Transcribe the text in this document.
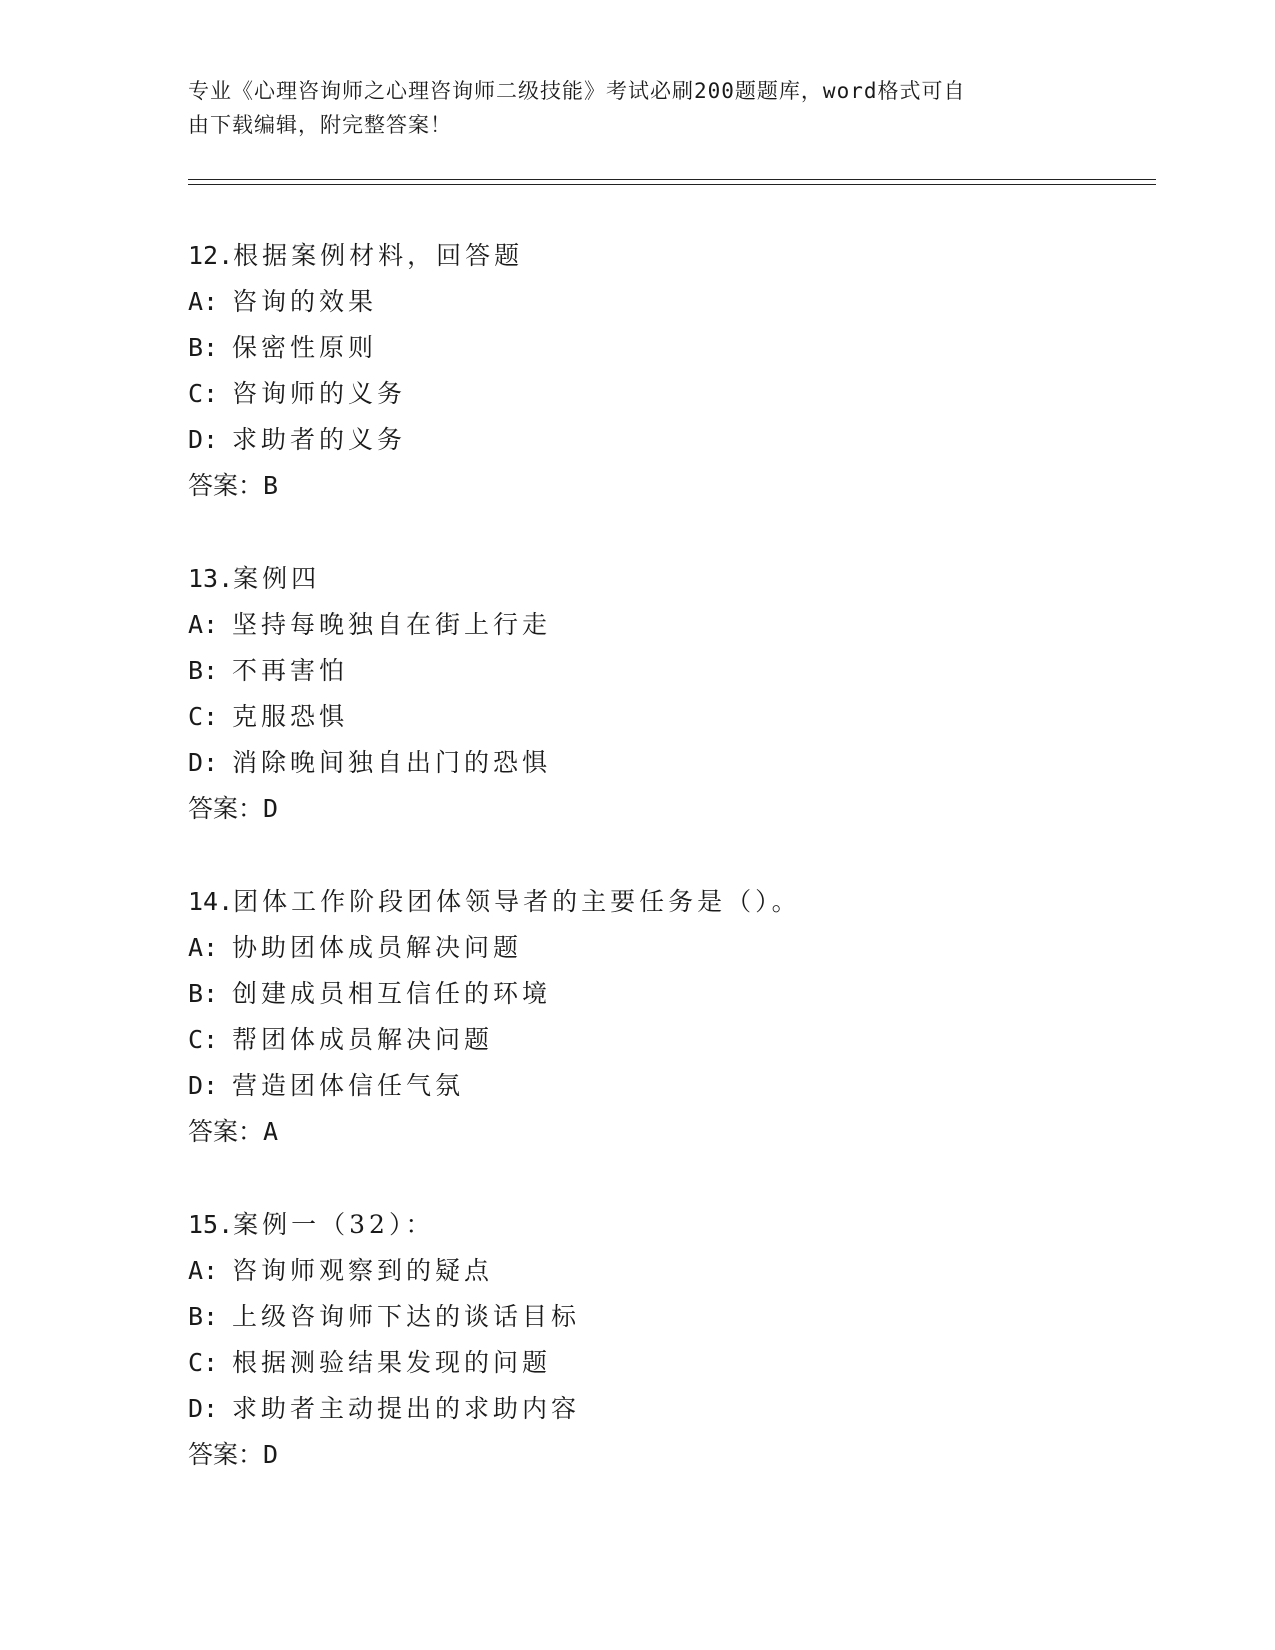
专业《心理咨询师之心理咨询师二级技能》考试必刷200题题库，word格式可自
由下载编辑，附完整答案！
12.根据案例材料，回答题
A: 咨询的效果
B: 保密性原则
C: 咨询师的义务
D: 求助者的义务
答案：B
13.案例四
A: 坚持每晚独自在街上行走
B: 不再害怕
C: 克服恐惧
D: 消除晚间独自出门的恐惧
答案：D
14.团体工作阶段团体领导者的主要任务是（）。
A: 协助团体成员解决问题
B: 创建成员相互信任的环境
C: 帮团体成员解决问题
D: 营造团体信任气氛
答案：A
15.案例一（32）：
A: 咨询师观察到的疑点
B: 上级咨询师下达的谈话目标
C: 根据测验结果发现的问题
D: 求助者主动提出的求助内容
答案：D
